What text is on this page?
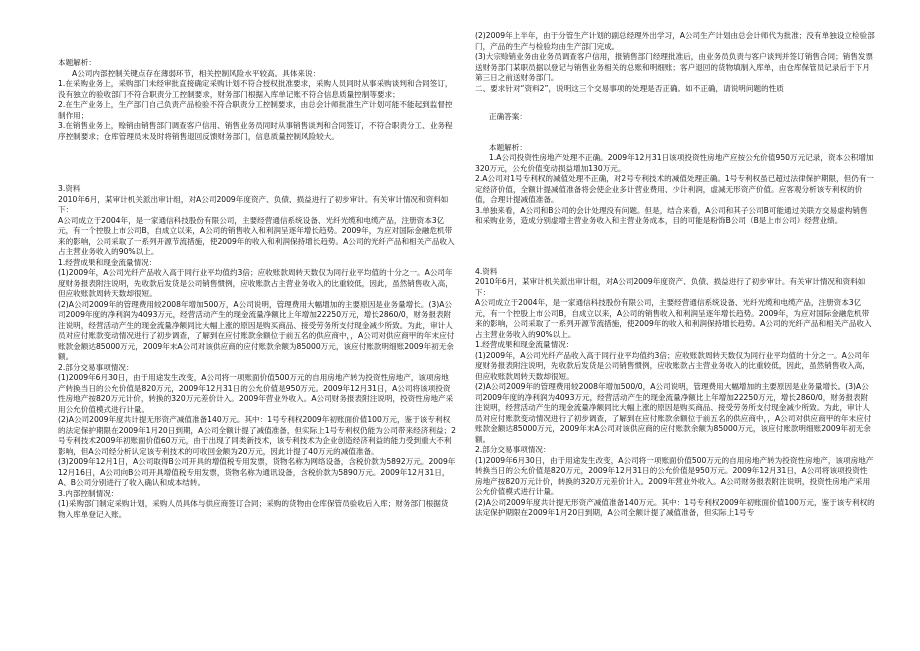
本题解析：

A公司内部控制关键点存在薄弱环节，相关控制风险水平较高。具体来说：

1.在采购业务上，采购部门未经审批直接确定采购计划不符合授权批准要求，采购人员同时从事采购谈判和合同签订，没有独立的验收部门不符合职责分工控制要求，财务部门根据入库单记账不符合信息质量控制等要求；

2.在生产业务上，生产部门自己负责产品检验不符合职责分工控制要求，由总会计师批准生产计划可能不能起到监督控制作用；

3.在销售业务上，赊销由销售部门调查客户信用、销售业务员同时从事销售谈判和合同签订，不符合职责分工、业务程序控制要求；仓库管理员未及时将销售退回反馈财务部门，信息质量控制风险较大。

3.资料

2010年6月，某审计机关派出审计组，对A公司2009年度资产、负债、损益进行了初步审计。有关审计情况和资料如下：

A公司成立于2004年，是一家通信科技股份有限公司，主要经营通信系统设备、光纤光缆和电缆产品，注册资本3亿元，有一个控股上市公司B，自成立以来，A公司的销售收入和利润呈逐年增长趋势。2009年，为应对国际金融危机带来的影响，公司采取了一系列开源节流措施，使2009年的收入和利润保持增长趋势。A公司的光纤产品和相关产品收入占主营业务收入的90%以上。

1.经营成果和现金流量情况：

(1)2009年，A公司光纤产品收入高于同行业平均值约3倍；应收账款周转天数仅为同行业平均值的十分之一。A公司年度财务报表附注说明，先收款后发货是公司销售惯例，应收账款占主营业务收入的比重较低，因此，虽然销售收入高，但应收账款周转天数却很短。

(2)A公司2009年的管理费用较2008年增加500万，A公司说明，管理费用大幅增加的主要原因是业务量增长。(3)A公司2009年度的净利润为4093万元，经营活动产生的现金流量净额比上年增加22250万元，增长2860/0，财务报表附注说明，经营活动产生的现金流量净额同比大幅上涨的原因是购买商品、接受劳务所支付现金减少所致。为此，审计人员对应付账款变动情况进行了初步调查，了解到在应付账款余额位于前五名的供应商中，，A公司对供应商甲的年末应付账款金额达85000万元，2009年末A公司对该供应商的应付账款余额为85000万元，该应付账款明细账2009年初无余额。

2.部分交易事项情况：

(1)2009年6月30日，由于用途发生改变，A公司将一项账面价值500万元的自用房地产转为投资性房地产，该项房地产转换当日的公允价值是820万元，2009年12月31日的公允价值是950万元。2009年12月31日，A公司将该项投资性房地产按820万元计价，转换的320万元差价计入。2009年营业外收入。A公司财务报表附注说明，投资性房地产采用公允价值模式进行计量。

(2)A公司2009年度共计提无形资产减值准备140万元。其中：1号专利权2009年初账面价值100万元，鉴于该专利权的法定保护期限在2009年1月20日到期，A公司全额计提了减值准备，但实际上1号专利权仍能为公司带来经济利益；2号专利技术2009年初账面价值60万元，由于出现了同类新技术，该专利技术为企业创造经济利益的能力受到重大不利影响，但A公司经分析认定该专利技术的可收回金额为20万元，因此计提了40万元的减值准备。

(3)2009年12月1日，A公司取得B公司开具的增值税专用发票，货物名称为网络设备，含税价款为5892万元。2009年12月16日，A公司向B公司开具增值税专用发票，货物名称为通讯设备，含税价款为5890万元。2009年12月31日，A、B公司分别进行了收入确认和成本结转。

3.内部控制情况：

(1)采购部门制定采购计划，采购人员具体与供应商签订合同；采购的货物由仓库保管员验收后入库；财务部门根据货物入库单登记入账。

(2)2009年上半年，由于分管生产计划的副总经理外出学习，A公司生产计划由总会计师代为批准；没有单独设立检验部门，产品的生产与检验均由生产部门完成。

(3)大宗赊销业务由业务员调查客户信用，报销售部门经理批准后，由业务员负责与客户谈判并签订销售合同；销售发票送财务部门某职员据以登记与销售业务相关的总账和明细账；客户退回的货物填制入库单，由仓库保管员记录后于下月第三日之前送财务部门。

二、要求针对“资料2”，说明这三个交易事项的处理是否正确。如不正确，请说明问题的性质

正确答案：

本题解析：

1.A公司投资性房地产处理不正确。2009年12月31日该项投资性房地产应按公允价值950万元记录，资本公积增加320万元，公允价值变动损益增加130万元。

2.A公司对1号专利权的减值处理不正确，对2号专利技术的减值处理正确。1号专利权虽已超过法律保护期限，但仍有一定经济价值，全额计提减值准备将会使企业多计营业费用、少计利润，虚减无形资产价值。应客观分析该专利权的价值，合理计提减值准备。

3.单独来看，A公司和B公司的会计处理没有问题。但是，结合来看，A公司和其子公司B可能通过关联方交易虚构销售和采购业务，造成分别虚增主营业务收入和主营业务成本，目的可能是粉饰B公司（B是上市公司）经营业绩。

4.资料

2010年6月，某审计机关派出审计组，对A公司2009年度资产、负债、损益进行了初步审计。有关审计情况和资料如下：

A公司成立于2004年，是一家通信科技股份有限公司，主要经营通信系统设备、光纤光缆和电缆产品，注册资本3亿元，有一个控股上市公司B，自成立以来，A公司的销售收入和利润呈逐年增长趋势。2009年，为应对国际金融危机带来的影响，公司采取了一系列开源节流措施，使2009年的收入和利润保持增长趋势。A公司的光纤产品和相关产品收入占主营业务收入的90%以上。

1.经营成果和现金流量情况：

(1)2009年，A公司光纤产品收入高于同行业平均值约3倍；应收账款周转天数仅为同行业平均值的十分之一。A公司年度财务报表附注说明，先收款后发货是公司销售惯例，应收账款占主营业务收入的比重较低，因此，虽然销售收入高，但应收账款周转天数却很短。

(2)A公司2009年的管理费用较2008年增加500/0，A公司说明，管理费用大幅增加的主要原因是业务量增长。(3)A公司2009年度的净利润为4093万元，经营活动产生的现金流量净额比上年增加22250万元，增长2860/0，财务报表附注说明，经营活动产生的现金流量净额同比大幅上涨的原因是购买商品、接受劳务所支付现金减少所致。为此，审计人员对应付账款变动情况进行了初步调查，了解到在应付账款余额位于前五名的供应商中，，A公司对供应商甲的年末应付账款金额达85000万元，2009年末A公司对该供应商的应付账款余额为85000万元，该应付账款明细账2009年初无余额。

2.部分交易事项情况：

(1)2009年6月30日，由于用途发生改变，A公司将一项账面价值500万元的自用房地产转为投资性房地产，该项房地产转换当日的公允价值是820万元，2009年12月31日的公允价值是950万元。2009年12月31日，A公司将该项投资性房地产按820万元计价，转换的320万元差价计入。2009年营业外收入。A公司财务报表附注说明，投资性房地产采用公允价值模式进行计量。

(2)A公司2009年度共计提无形资产减值准备140万元。其中：1号专利权2009年初账面价值100万元，鉴于该专利权的法定保护期限在2009年1月20日到期，A公司全额计提了减值准备，但实际上1号专
